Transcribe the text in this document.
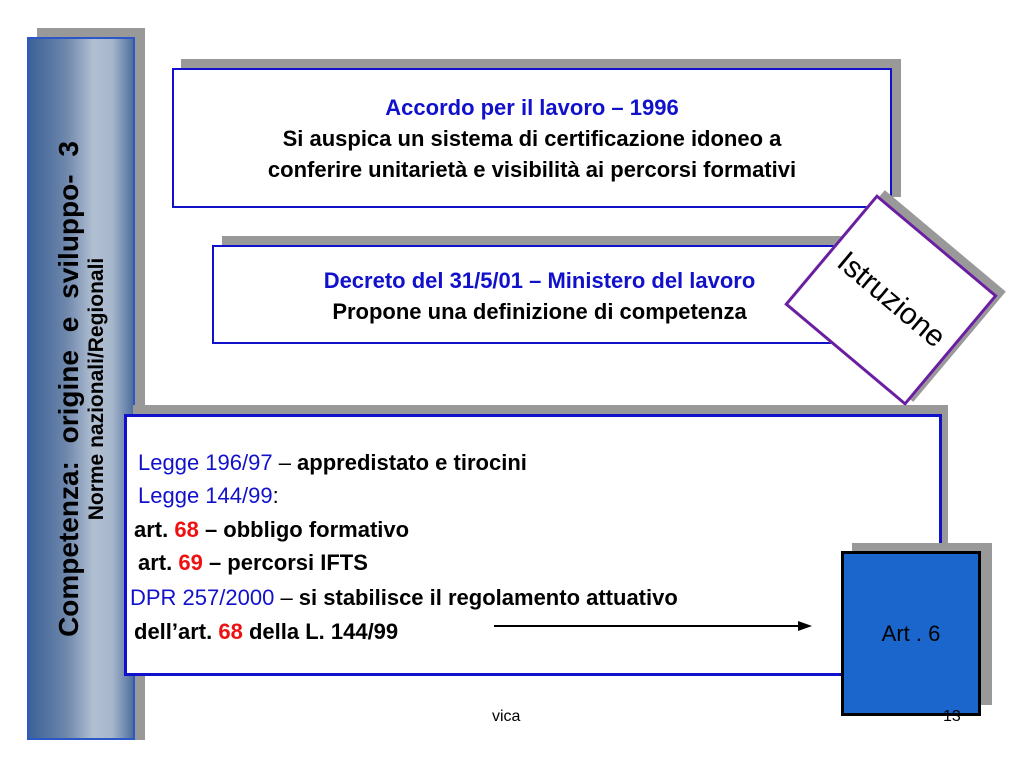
Competenza: origine e sviluppo- 3 Norme nazionali/Regionali
Accordo per il lavoro – 1996
Si auspica un sistema di certificazione idoneo a
conferire unitarietà e visibilità ai percorsi formativi
Decreto del 31/5/01 – Ministero del lavoro
Propone una definizione di competenza
Legge 196/97 – appredistato e tirocini
Legge 144/99:
art. 68 – obbligo formativo
art. 69 – percorsi IFTS
DPR 257/2000 – si stabilisce il regolamento attuativo
dell’art. 68 della L. 144/99
Istruzione
Art . 6
vica	13
